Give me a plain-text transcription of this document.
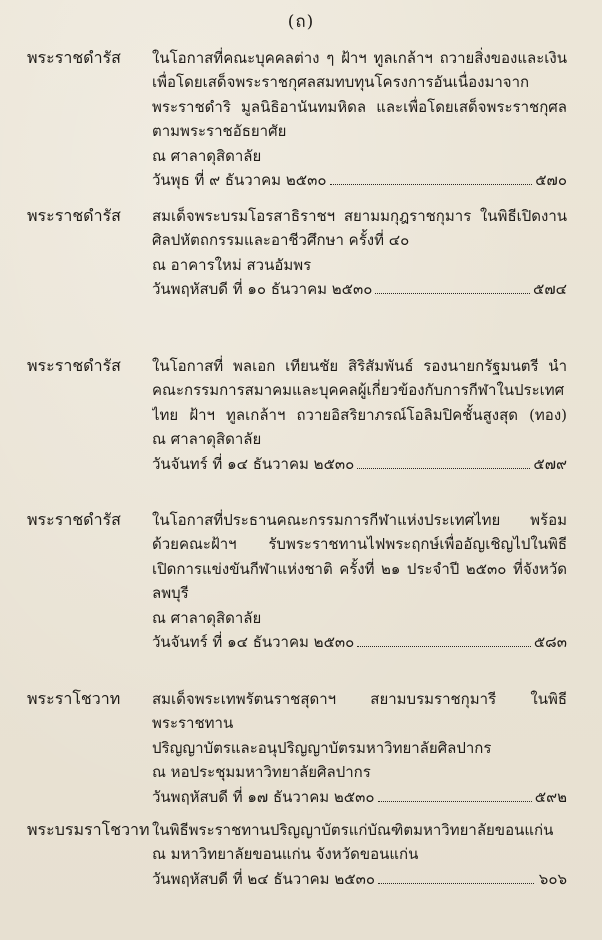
(ถ)
พระราชดำรัส ในโอกาสที่คณะบุคคลต่าง ๆ ฝ้าฯ ทูลเกล้าฯ ถวายสิ่งของและเงิน
เพื่อโดยเสด็จพระราชกุศลสมทบทุนโครงการอันเนื่องมาจาก
พระราชดำริ มูลนิธิอานันทมหิดล และเพื่อโดยเสด็จพระราชกุศล
ตามพระราชอัธยาศัย
ณ ศาลาดุสิดาลัย
วันพุธ ที่ ๙ ธันวาคม ๒๕๓๐	๕๗๐
พระราชดำรัส สมเด็จพระบรมโอรสาธิราชฯ สยามมกุฎราชกุมาร ในพิธีเปิดงาน
ศิลปหัตถกรรมและอาชีวศึกษา ครั้งที่ ๔๐
ณ อาคารใหม่ สวนอัมพร
วันพฤหัสบดี ที่ ๑๐ ธันวาคม ๒๕๓๐	๕๗๔
พระราชดำรัส ในโอกาสที่ พลเอก เทียนชัย สิริสัมพันธ์ รองนายกรัฐมนตรี นำ
คณะกรรมการสมาคมและบุคคลผู้เกี่ยวข้องกับการกีฬาในประเทศ
ไทย ฝ้าฯ ทูลเกล้าฯ ถวายอิสริยาภรณ์โอลิมปิคชั้นสูงสุด (ทอง)
ณ ศาลาดุสิดาลัย
วันจันทร์ ที่ ๑๔ ธันวาคม ๒๕๓๐	๕๗๙
พระราชดำรัส ในโอกาสที่ประธานคณะกรรมการกีฬาแห่งประเทศไทย พร้อม
ด้วยคณะฝ้าฯ รับพระราชทานไฟพระฤกษ์เพื่ออัญเชิญไปในพิธี
เปิดการแข่งขันกีฬาแห่งชาติ ครั้งที่ ๒๑ ประจำปี ๒๕๓๐ ที่จังหวัด
ลพบุรี
ณ ศาลาดุสิดาลัย
วันจันทร์ ที่ ๑๔ ธันวาคม ๒๕๓๐	๕๘๓
พระราโชวาท สมเด็จพระเทพรัตนราชสุดาฯ สยามบรมราชกุมารี ในพิธีพระราชทาน
ปริญญาบัตรและอนุปริญญาบัตรมหาวิทยาลัยศิลปากร
ณ หอประชุมมหาวิทยาลัยศิลปากร
วันพฤหัสบดี ที่ ๑๗ ธันวาคม ๒๕๓๐	๕๙๒
พระบรมราโชวาท ในพิธีพระราชทานปริญญาบัตรแก่บัณฑิตมหาวิทยาลัยขอนแก่น
ณ มหาวิทยาลัยขอนแก่น จังหวัดขอนแก่น
วันพฤหัสบดี ที่ ๒๔ ธันวาคม ๒๕๓๐	๖๐๖
